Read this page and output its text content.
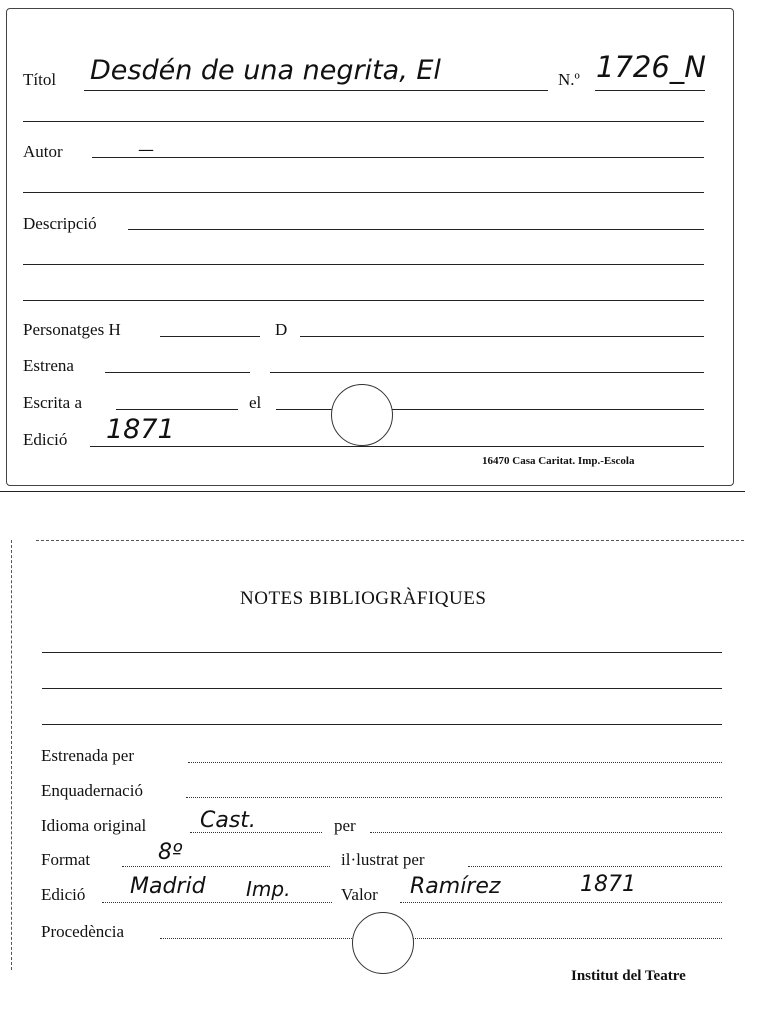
Títol Desdén de una negrita, El	N.º 1726_N
Autor	—
Descripció
Personatges H	D
Estrena
Escrita a	el
Edició 1871
16470 Casa Caritat. Imp.-Escola
NOTES BIBLIOGRÀFIQUES
Estrenada per
Enquadernació
Idioma original Cast.	per
Format	8º	il·lustrat per
Edició Madrid Imp.	Valor Ramírez	1871
Procedència
Institut del Teatre
